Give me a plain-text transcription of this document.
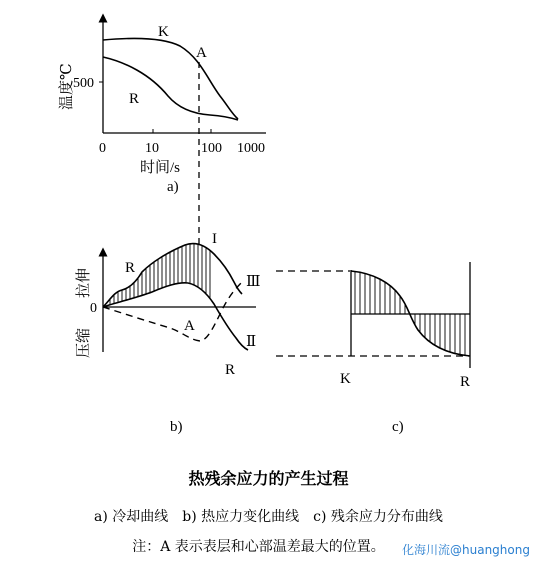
温度℃
500
0	10	100 1000
时间/s
K
R
A
a)
拉伸
压缩
0
R
I
Ⅲ
A
Ⅱ
R
b)
K	R
c)
热残余应力的产生过程
a) 冷却曲线　b) 热应力变化曲线　c) 残余应力分布曲线
注：A 表示表层和心部温差最大的位置。	化海川流@huanghong
